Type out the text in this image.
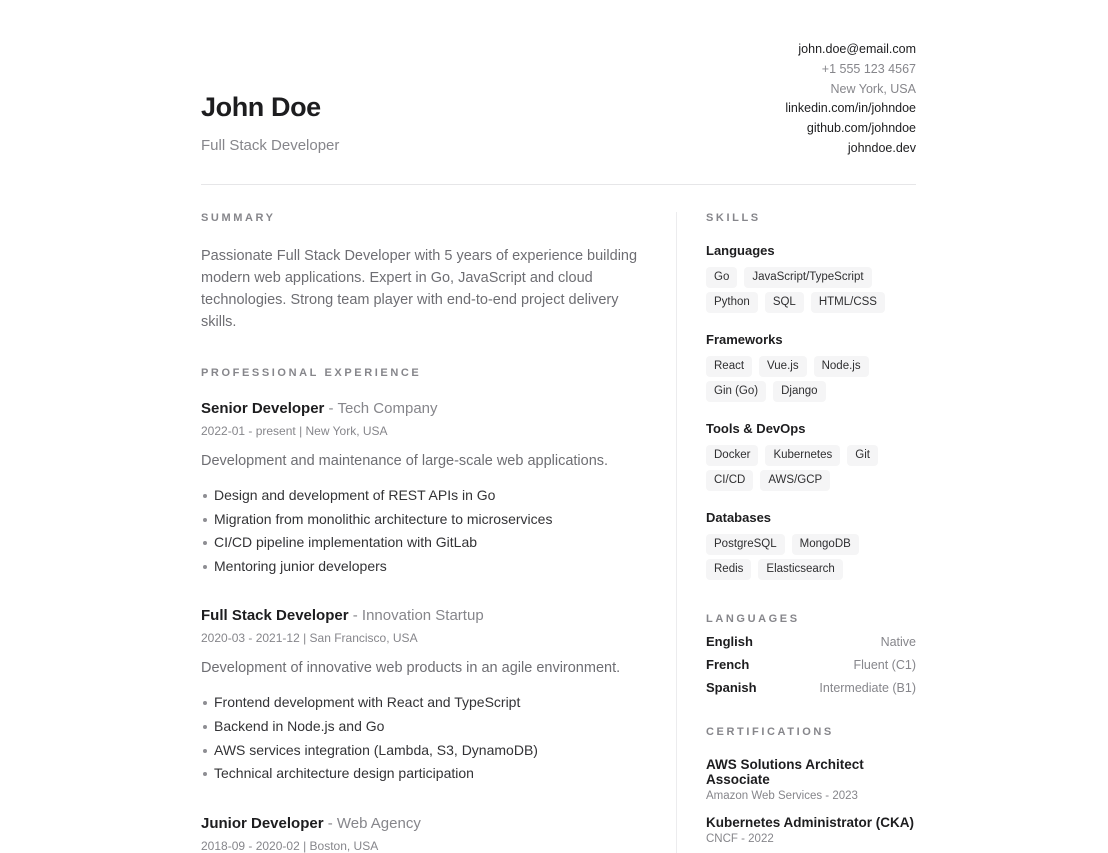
john.doe@email.com
+1 555 123 4567
New York, USA
linkedin.com/in/johndoe
github.com/johndoe
johndoe.dev
John Doe
Full Stack Developer
SUMMARY

Passionate Full Stack Developer with 5 years of experience building modern web applications. Expert in Go, JavaScript and cloud technologies. Strong team player with end-to-end project delivery skills.

PROFESSIONAL EXPERIENCE
Senior Developer - Tech Company
2022-01 - present | New York, USA

Development and maintenance of large-scale web applications.

Design and development of REST APIs in Go
Migration from monolithic architecture to microservices
CI/CD pipeline implementation with GitLab
Mentoring junior developers
Full Stack Developer - Innovation Startup
2020-03 - 2021-12 | San Francisco, USA

Development of innovative web products in an agile environment.

Frontend development with React and TypeScript
Backend in Node.js and Go
AWS services integration (Lambda, S3, DynamoDB)
Technical architecture design participation
Junior Developer - Web Agency
2018-09 - 2020-02 | Boston, USA
SKILLS
Languages
Go	JavaScript/TypeScript
Python	SQL	HTML/CSS
Frameworks
React	Vue.js	Node.js
Gin (Go)	Django
Tools & DevOps
Docker	Kubernetes	Git
CI/CD	AWS/GCP
Databases
PostgreSQL	MongoDB
Redis	Elasticsearch
LANGUAGES
English	Native
French	Fluent (C1)
Spanish	Intermediate (B1)
CERTIFICATIONS
AWS Solutions Architect Associate
Amazon Web Services - 2023
Kubernetes Administrator (CKA)
CNCF - 2022
